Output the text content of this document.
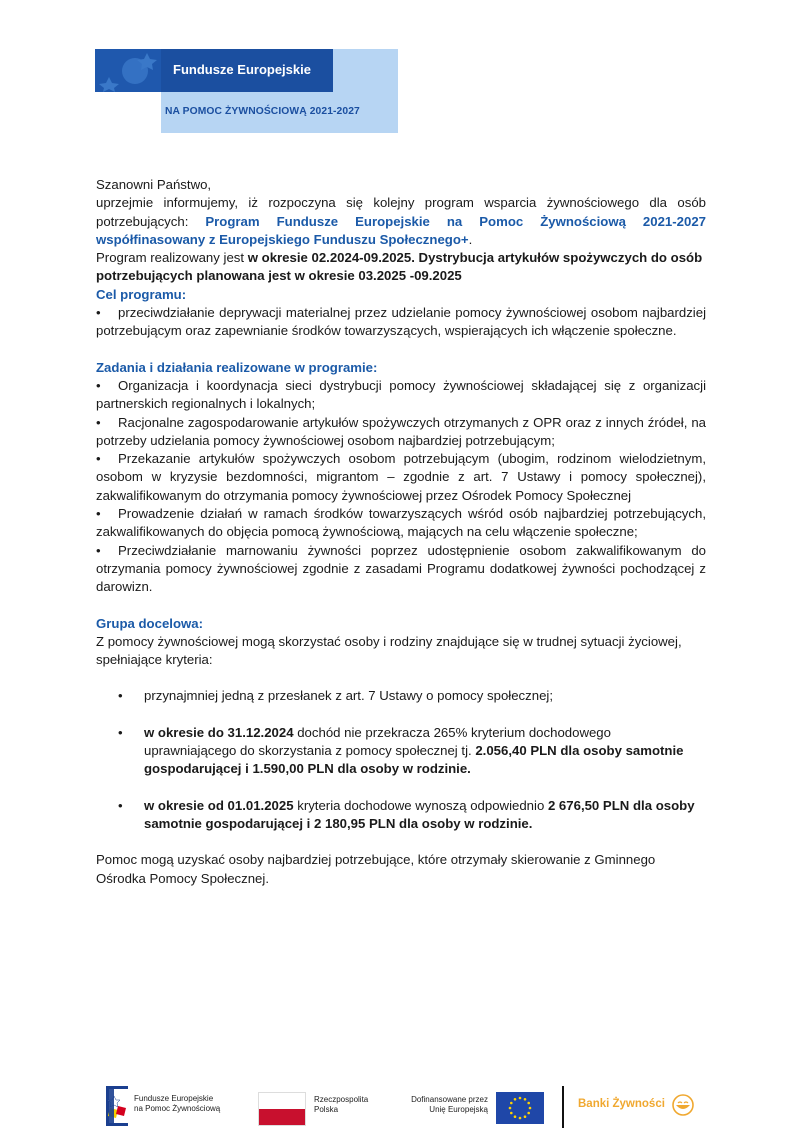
Fundusze Europejskie
NA POMOC ŻYWNOŚCIOWĄ 2021-2027

Szanowni Państwo,

uprzejmie informujemy, iż rozpoczyna się kolejny program wsparcia żywnościowego dla osób potrzebujących: Program Fundusze Europejskie na Pomoc Żywnościową 2021-2027 współfinasowany z Europejskiego Funduszu Społecznego+.

Program realizowany jest w okresie 02.2024-09.2025. Dystrybucja artykułów spożywczych do osób potrzebujących planowana jest w okresie 03.2025 -09.2025

Cel programu:

• przeciwdziałanie deprywacji materialnej przez udzielanie pomocy żywnościowej osobom najbardziej potrzebującym oraz zapewnianie środków towarzyszących, wspierających ich włączenie społeczne.

Zadania i działania realizowane w programie:

• Organizacja i koordynacja sieci dystrybucji pomocy żywnościowej składającej się z organizacji partnerskich regionalnych i lokalnych;
• Racjonalne zagospodarowanie artykułów spożywczych otrzymanych z OPR oraz z innych źródeł, na potrzeby udzielania pomocy żywnościowej osobom najbardziej potrzebującym;
• Przekazanie artykułów spożywczych osobom potrzebującym (ubogim, rodzinom wielodzietnym, osobom w kryzysie bezdomności, migrantom – zgodnie z art. 7 Ustawy i pomocy społecznej), zakwalifikowanym do otrzymania pomocy żywnościowej przez Ośrodek Pomocy Społecznej
• Prowadzenie działań w ramach środków towarzyszących wśród osób najbardziej potrzebujących, zakwalifikowanych do objęcia pomocą żywnościową, mających na celu włączenie społeczne;
• Przeciwdziałanie marnowaniu żywności poprzez udostępnienie osobom zakwalifikowanym do otrzymania pomocy żywnościowej zgodnie z zasadami Programu dodatkowej żywności pochodzącej z darowizn.

Grupa docelowa:

Z pomocy żywnościowej mogą skorzystać osoby i rodziny znajdujące się w trudnej sytuacji życiowej, spełniające kryteria:

• przynajmniej jedną z przesłanek z art. 7 Ustawy o pomocy społecznej;
• w okresie do 31.12.2024 dochód nie przekracza 265% kryterium dochodowego uprawniającego do skorzystania z pomocy społecznej tj. 2.056,40 PLN dla osoby samotnie gospodarującej i 1.590,00 PLN dla osoby w rodzinie.
• w okresie od 01.01.2025 kryteria dochodowe wynoszą odpowiednio 2 676,50 PLN dla osoby samotnie gospodarującej i 2 180,95 PLN dla osoby w rodzinie.

Pomoc mogą uzyskać osoby najbardziej potrzebujące, które otrzymały skierowanie z Gminnego Ośrodka Pomocy Społecznej.

Fundusze Europejskie
na Pomoc Żywnościową
Rzeczpospolita
Polska
Dofinansowane przez
Unię Europejską	Banki Żywności
